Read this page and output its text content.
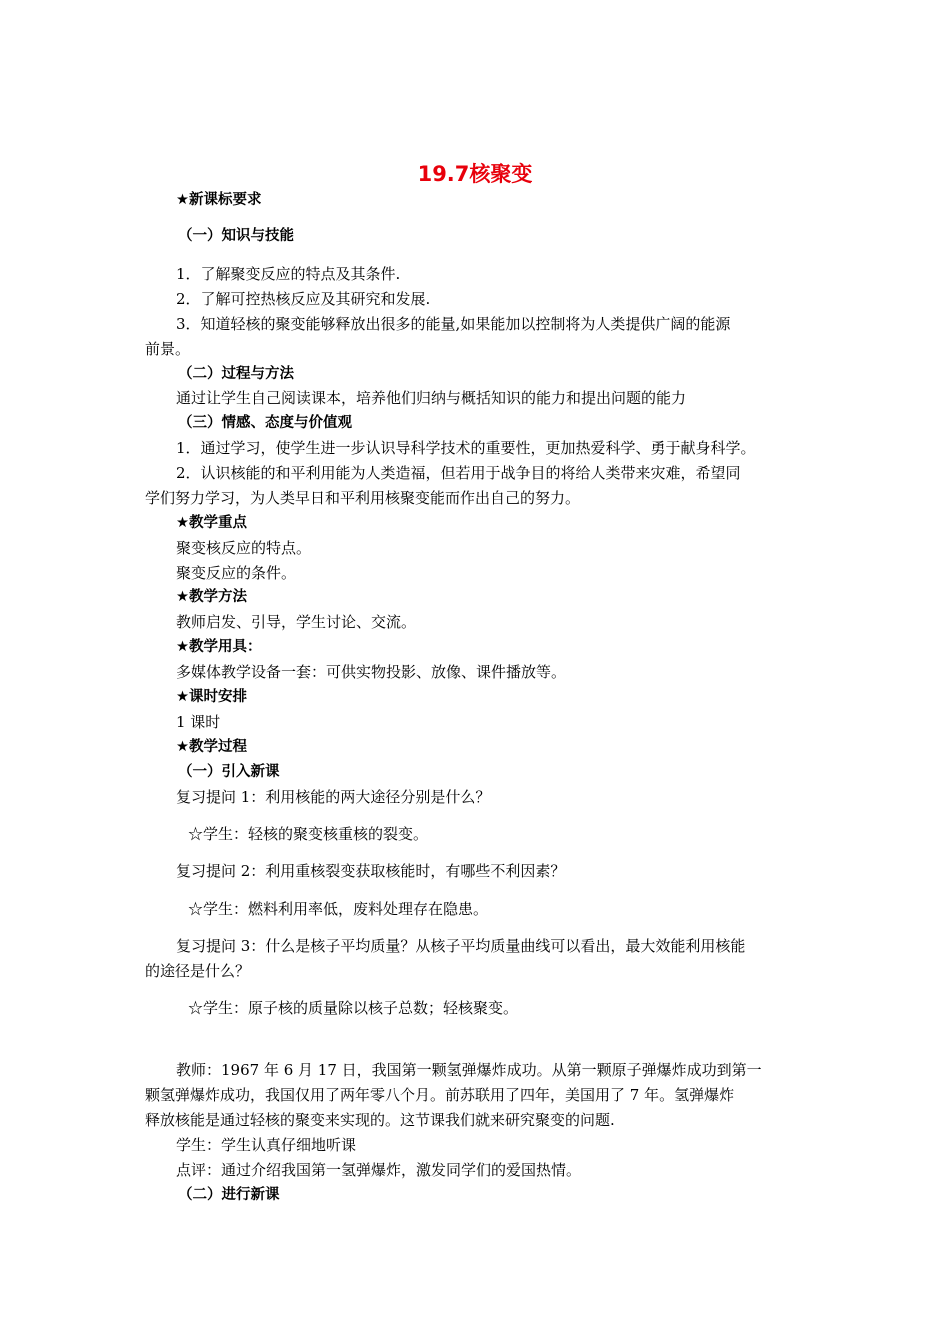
19.7核聚变
★新课标要求
（一）知识与技能
1．了解聚变反应的特点及其条件.
2．了解可控热核反应及其研究和发展.
3．知道轻核的聚变能够释放出很多的能量,如果能加以控制将为人类提供广阔的能源
前景。
（二）过程与方法
通过让学生自己阅读课本，培养他们归纳与概括知识的能力和提出问题的能力
（三）情感、态度与价值观
1．通过学习，使学生进一步认识导科学技术的重要性，更加热爱科学、勇于献身科学。
2．认识核能的和平利用能为人类造福，但若用于战争目的将给人类带来灾难，希望同
学们努力学习，为人类早日和平利用核聚变能而作出自己的努力。
★教学重点
聚变核反应的特点。
聚变反应的条件。
★教学方法
教师启发、引导，学生讨论、交流。
★教学用具：
多媒体教学设备一套：可供实物投影、放像、课件播放等。
★课时安排
1 课时
★教学过程
（一）引入新课
复习提问 1：利用核能的两大途径分别是什么？
☆学生：轻核的聚变核重核的裂变。
复习提问 2：利用重核裂变获取核能时，有哪些不利因素？
☆学生：燃料利用率低，废料处理存在隐患。
复习提问 3：什么是核子平均质量？从核子平均质量曲线可以看出，最大效能利用核能
的途径是什么？
☆学生：原子核的质量除以核子总数；轻核聚变。
教师：1967 年 6 月 17 日，我国第一颗氢弹爆炸成功。从第一颗原子弹爆炸成功到第一
颗氢弹爆炸成功，我国仅用了两年零八个月。前苏联用了四年，美国用了 7 年。氢弹爆炸
释放核能是通过轻核的聚变来实现的。这节课我们就来研究聚变的问题.
学生：学生认真仔细地听课
点评：通过介绍我国第一氢弹爆炸，激发同学们的爱国热情。
（二）进行新课
